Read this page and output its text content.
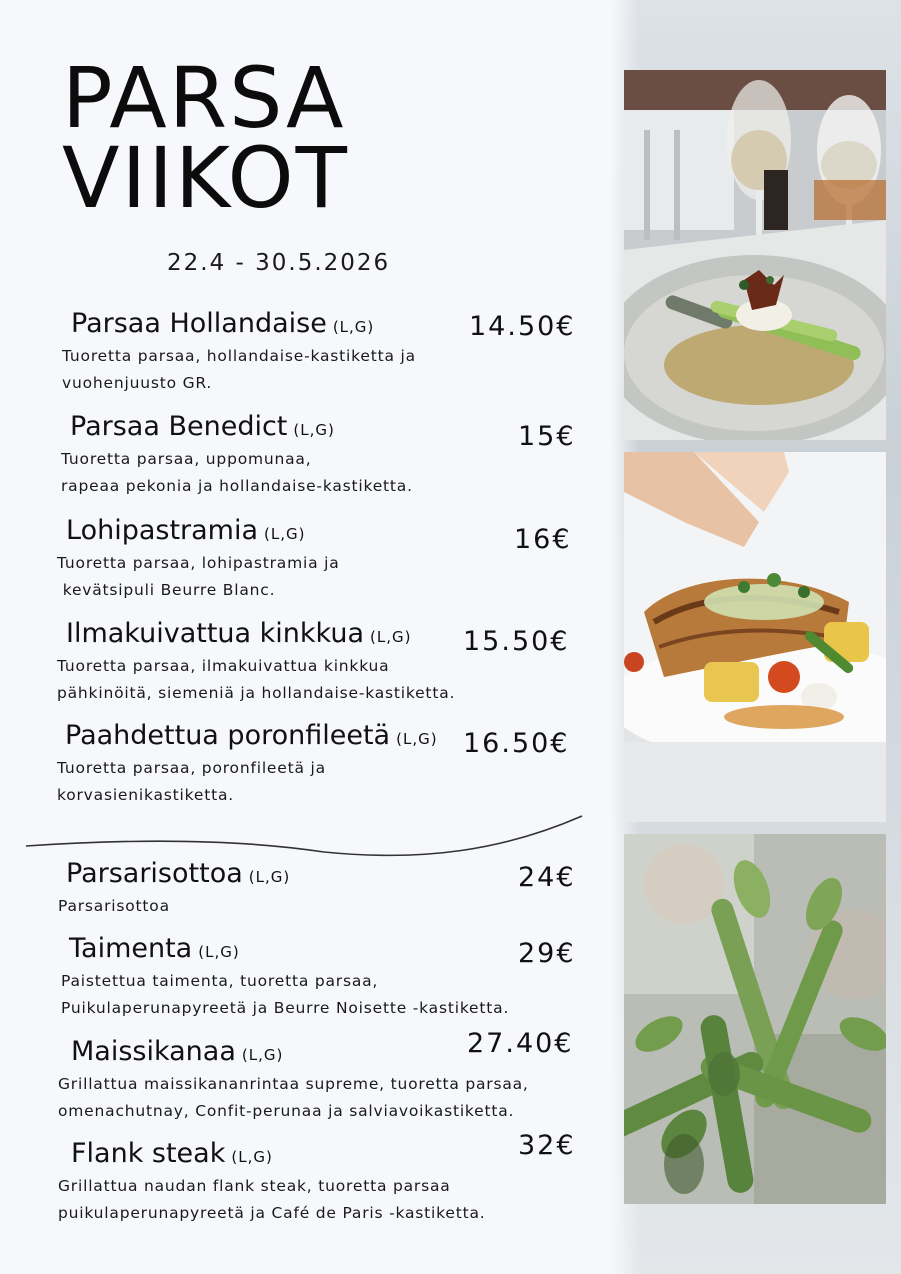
PARSA
VIIKOT
22.4 - 30.5.2026
Parsaa Hollandaise (L,G)
Tuoretta parsaa, hollandaise-kastiketta ja
vuohenjuusto GR.
14.50€
Parsaa Benedict (L,G)
Tuoretta parsaa, uppomunaa,
rapeaa pekonia ja hollandaise-kastiketta.
15€
Lohipastramia (L,G)
Tuoretta parsaa, lohipastramia ja
kevätsipuli Beurre Blanc.
16€
Ilmakuivattua kinkkua (L,G)
Tuoretta parsaa, ilmakuivattua kinkkua
pähkinöitä, siemeniä ja hollandaise-kastiketta.
15.50€
Paahdettua poronfileetä (L,G)
Tuoretta parsaa, poronfileetä ja
korvasienikastiketta.
16.50€
Parsarisottoa (L,G)
Parsarisottoa
24€
Taimenta (L,G)
Paistettua taimenta, tuoretta parsaa,
Puikulaperunapyreetä ja Beurre Noisette -kastiketta.
29€
Maissikanaa (L,G)
Grillattua maissikananrintaa supreme, tuoretta parsaa,
omenachutnay, Confit-perunaa ja salviavoikastiketta.
27.40€
Flank steak (L,G)
Grillattua naudan flank steak, tuoretta parsaa
puikulaperunapyreetä ja Café de Paris -kastiketta.
32€
